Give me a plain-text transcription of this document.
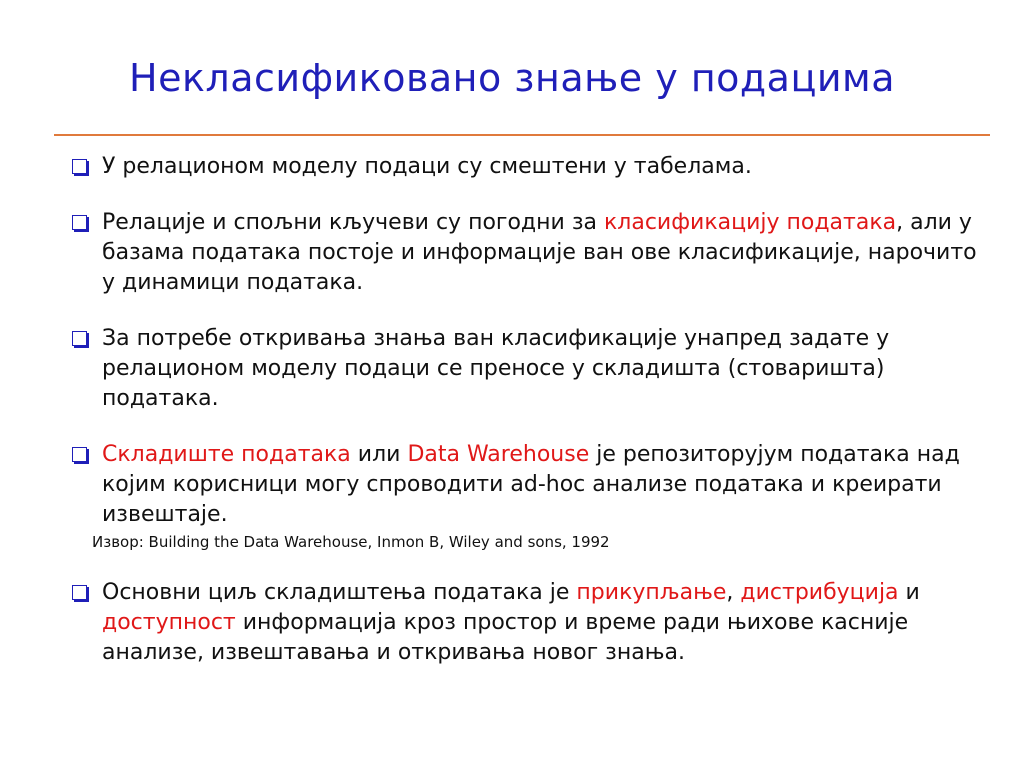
Некласификовано знање у подацима
У релационом моделу подаци су смештени у табелама.
Релације и спољни кључеви су погодни за класификацију података, али у базама података постоје и информације ван ове класификације, нарочито у динамици података.
За потребе откривања знања ван класификације унапред задате у релационом моделу подаци се преносе у складишта (стоваришта) података.
Складиште података или Data Warehouse је репозиторујум података над којим корисници могу спроводити ad-hoc анализе података и креирати извештаје.
Извор: Building the Data Warehouse, Inmon B, Wiley and sons, 1992
Основни циљ складиштења података је прикупљање, дистрибуција и доступност информација кроз простор и време ради њихове касније анализе, извештавања и откривања новог знања.
